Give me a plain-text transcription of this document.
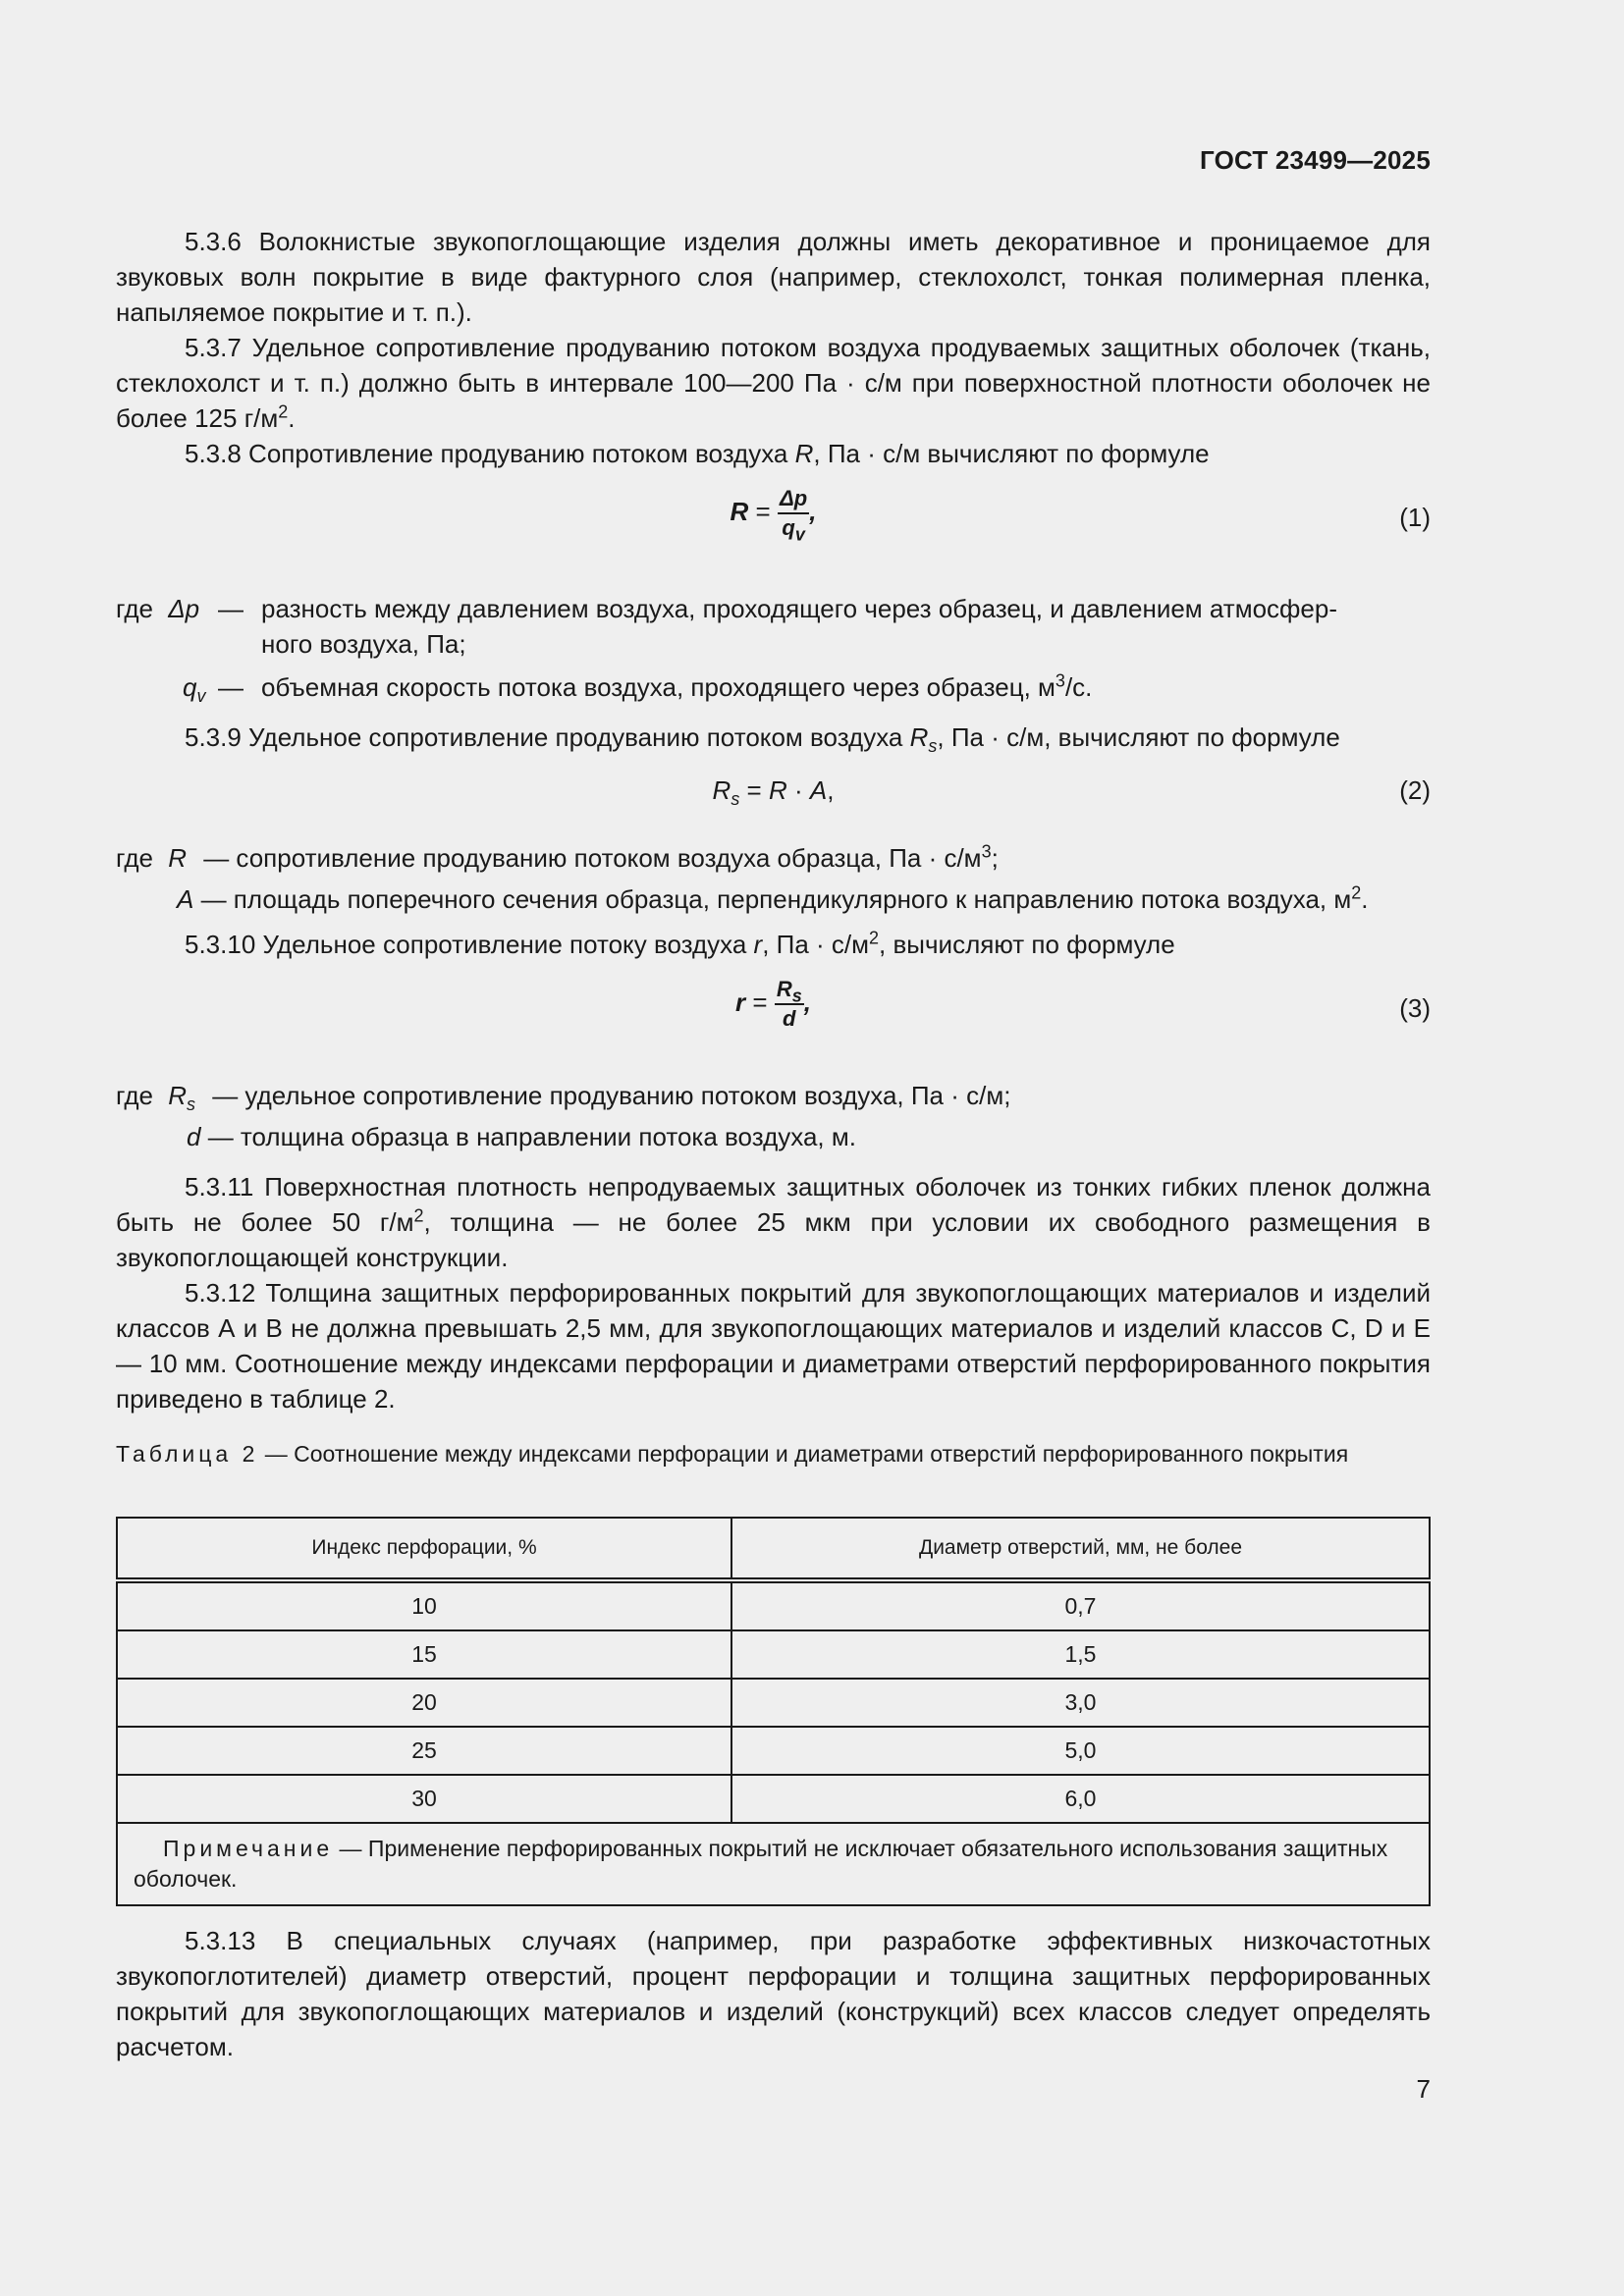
ГОСТ 23499—2025

5.3.6 Волокнистые звукопоглощающие изделия должны иметь декоративное и проницаемое для звуковых волн покрытие в виде фактурного слоя (например, стеклохолст, тонкая полимерная пленка, напыляемое покрытие и т. п.).

5.3.7 Удельное сопротивление продуванию потоком воздуха продуваемых защитных оболочек (ткань, стеклохолст и т. п.) должно быть в интервале 100—200 Па · с/м при поверхностной плотности оболочек не более 125 $г/м^2$.

5.3.8 Сопротивление продуванию потоком воздуха R, Па · с/м вычисляют по формуле

$R = \frac{\Delta p}{q_v}$ ,	(1)
где Δp — разность между давлением воздуха, проходящего через образец, и давлением атмосфер-
ного воздуха, Па;
$q_v$ — объемная скорость потока воздуха, проходящего через образец, $м^3/с$.

5.3.9 Удельное сопротивление продуванию потоком воздуха $R_s$, Па · с/м, вычисляют по формуле

$R_s = R \cdot A$,	(2)
где R — сопротивление продуванию потоком воздуха образца, Па · $с/м^3$;
A — площадь поперечного сечения образца, перпендикулярного к направлению потока воздуха, $м^2$.

5.3.10 Удельное сопротивление потоку воздуха r, Па · $с/м^2$, вычисляют по формуле

$r = \frac{R_s}{d}$ ,	(3)
где $R_s$ — удельное сопротивление продуванию потоком воздуха, Па · с/м;
d — толщина образца в направлении потока воздуха, м.

5.3.11 Поверхностная плотность непродуваемых защитных оболочек из тонких гибких пленок должна быть не более 50 $г/м^2$, толщина — не более 25 мкм при условии их свободного размещения в звукопоглощающей конструкции.

5.3.12 Толщина защитных перфорированных покрытий для звукопоглощающих материалов и изделий классов А и В не должна превышать 2,5 мм, для звукопоглощающих материалов и изделий классов С, D и Е — 10 мм. Соотношение между индексами перфорации и диаметрами отверстий перфорированного покрытия приведено в таблице 2.

Таблица 2 — Соотношение между индексами перфорации и диаметрами отверстий перфорированного покрытия
Индекс перфорации, %	Диаметр отверстий, мм, не более
10	0,7
15	1,5
20	3,0
25	5,0
30	6,0
Примечание — Применение перфорированных покрытий не исключает обязательного использования защитных оболочек.	

5.3.13 В специальных случаях (например, при разработке эффективных низкочастотных звукопоглотителей) диаметр отверстий, процент перфорации и толщина защитных перфорированных покрытий для звукопоглощающих материалов и изделий (конструкций) всех классов следует определять расчетом.

7
